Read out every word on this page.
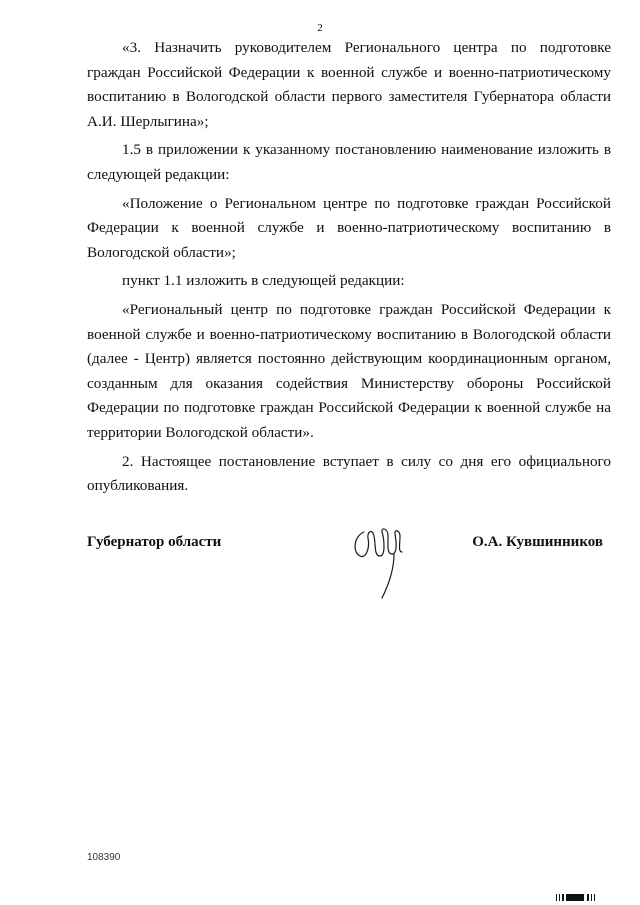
2

«3. Назначить руководителем Регионального центра по подготовке граждан Российской Федерации к военной службе и военно-патриотическому воспитанию в Вологодской области первого заместителя Губернатора области А.И. Шерлыгина»;

1.5 в приложении к указанному постановлению наименование изложить в следующей редакции:

«Положение о Региональном центре по подготовке граждан Российской Федерации к военной службе и военно-патриотическому воспитанию в Вологодской области»;

пункт 1.1 изложить в следующей редакции:

«Региональный центр по подготовке граждан Российской Федерации к военной службе и военно-патриотическому воспитанию в Вологодской области (далее - Центр) является постоянно действующим координационным органом, созданным для оказания содействия Министерству обороны Российской Федерации по подготовке граждан Российской Федерации к военной службе на территории Вологодской области».

2. Настоящее постановление вступает в силу со дня его официального опубликования.

Губернатор области	О.А. Кувшинников
108390
